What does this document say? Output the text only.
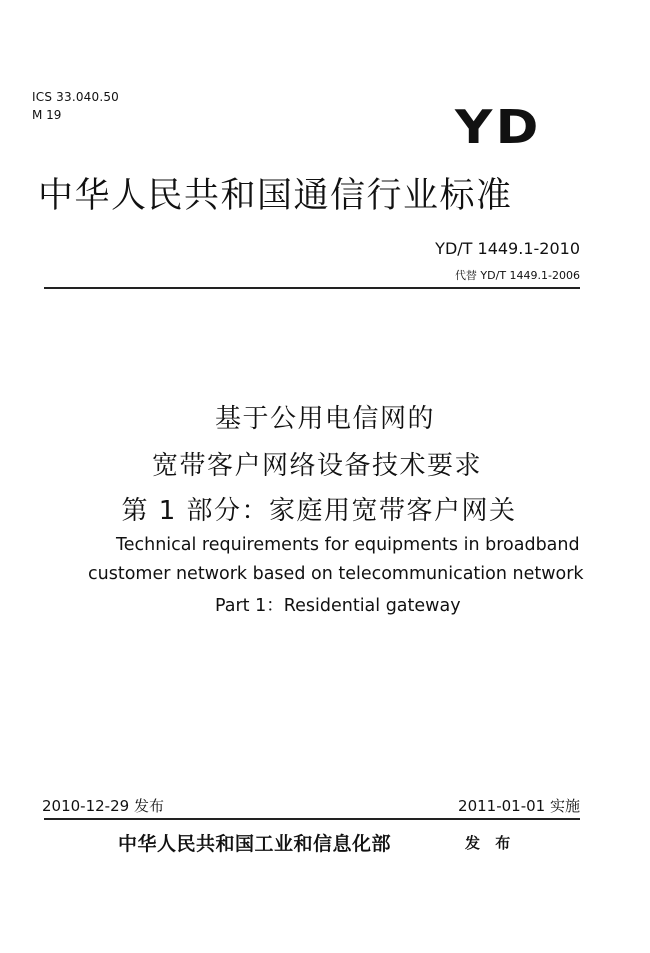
ICS 33.040.50
M 19	YD
中华人民共和国通信行业标准
YD/T 1449.1-2010
代替 YD/T 1449.1-2006
基于公用电信网的
宽带客户网络设备技术要求
第 1 部分：家庭用宽带客户网关
Technical requirements for equipments in broadband
customer network based on telecommunication network
Part 1：Residential gateway
2010-12-29 发布	2011-01-01 实施
中华人民共和国工业和信息化部	发 布
